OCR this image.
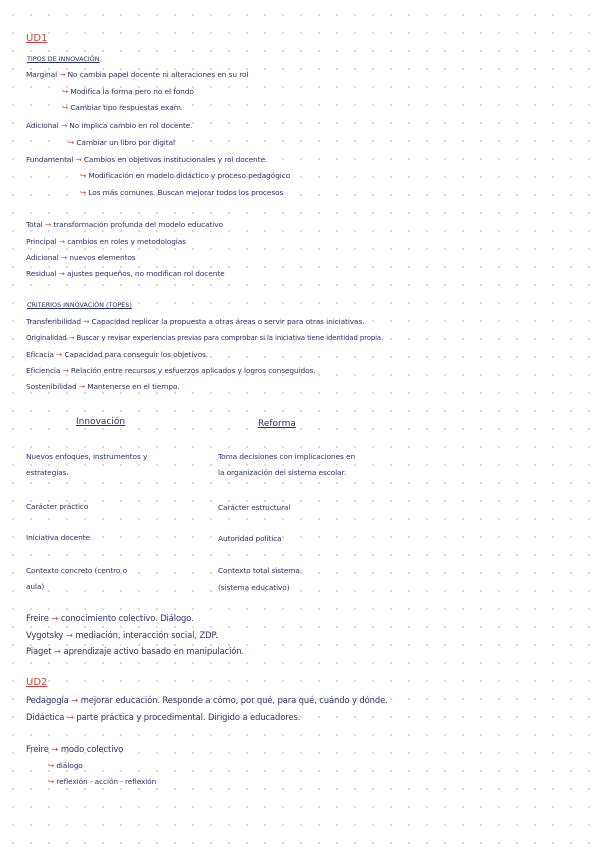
UD1
TIPOS DE INNOVACIÓN
Marginal → No cambia papel docente ni alteraciones en su rol
↪ Modifica la forma pero no el fondo
↪ Cambiar tipo respuestas exam.
Adicional → No implica cambio en rol docente.
↪ Cambiar un libro por digital
Fundamental → Cambios en objetivos institucionales y rol docente.
↪ Modificación en modelo didáctico y proceso pedagógico
↪ Los más comunes. Buscan mejorar todos los procesos
Total → transformación profunda del modelo educativo
Principal → cambios en roles y metodologías
Adicional → nuevos elementos
Residual → ajustes pequeños, no modifican rol docente
CRITERIOS INNOVACIÓN (TOPES)
Transferibilidad → Capacidad replicar la propuesta a otras áreas o servir para otras iniciativas.
Originalidad → Buscar y revisar experiencias previas para comprobar si la iniciativa tiene identidad propia.
Eficacia → Capacidad para conseguir los objetivos.
Eficiencia → Relación entre recursos y esfuerzos aplicados y logros conseguidos.
Sostenibilidad → Mantenerse en el tiempo.
Innovación	Reforma
Nuevos enfoques, instrumentos y
estrategias.
Carácter práctico
Iniciativa docente
Contexto concreto (centro o
aula)
Toma decisiones con implicaciones en
la organización del sistema escolar.
Carácter estructural
Autoridad política
Contexto total sistema
(sistema educativo)
Freire → conocimiento colectivo. Diálogo.
Vygotsky → mediación, interacción social, ZDP.
Piaget → aprendizaje activo basado en manipulación.
UD2
Pedagogía → mejorar educación. Responde a cómo, por qué, para qué, cuándo y dónde.
Didáctica → parte práctica y procedimental. Dirigido a educadores.
Freire → modo colectivo
↪ diálogo
↪ reflexión - acción - reflexión
